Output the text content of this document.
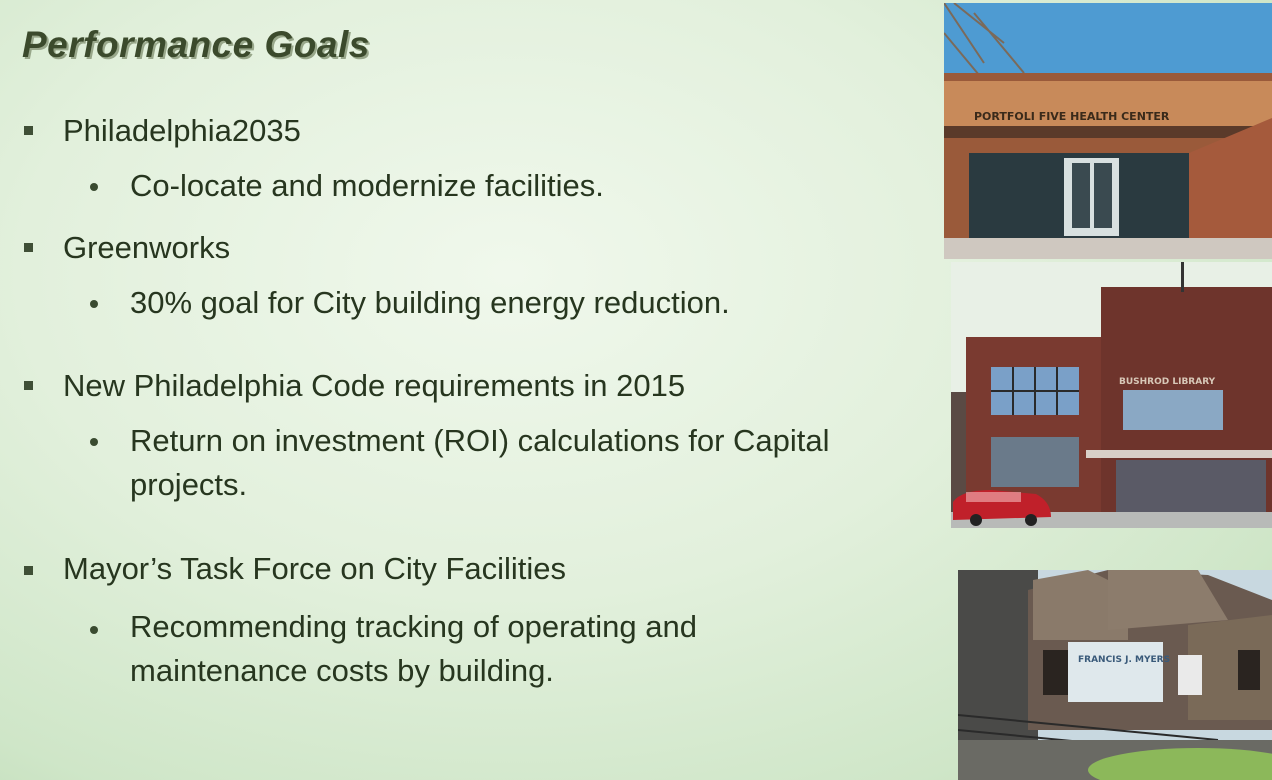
Performance Goals
Philadelphia2035
Co-locate and modernize facilities.
Greenworks
30% goal for City building energy reduction.
New Philadelphia Code requirements in 2015
Return on investment (ROI) calculations for Capital projects.
Mayor’s Task Force on City Facilities
Recommending tracking of operating and maintenance costs by building.
PORTFOLI FIVE HEALTH CENTER
BUSHROD LIBRARY
FRANCIS J. MYERS
